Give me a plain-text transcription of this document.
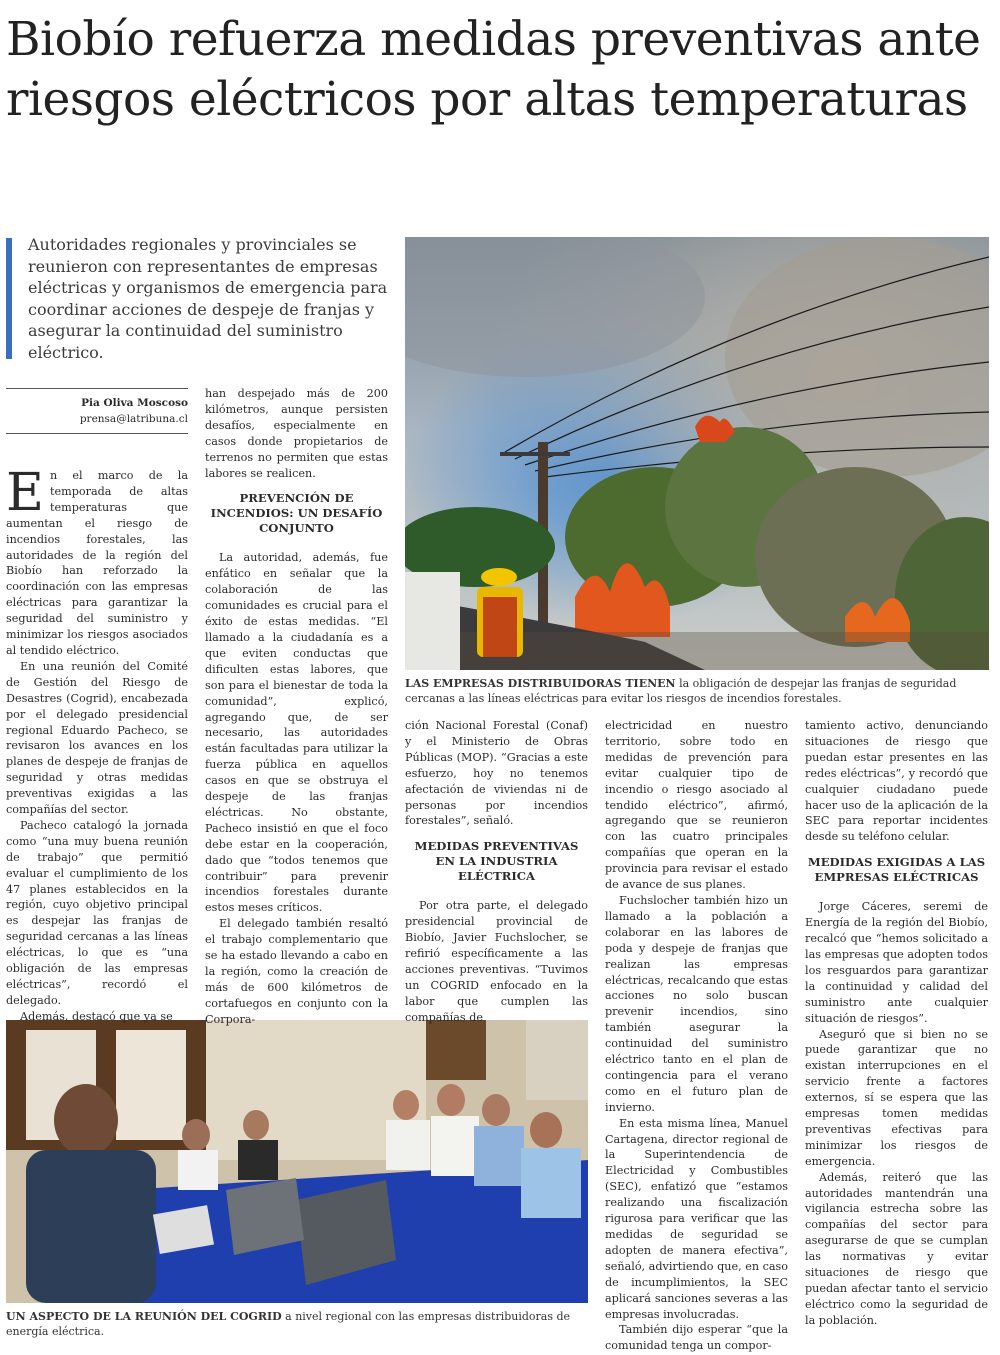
Biobío refuerza medidas preventivas ante riesgos eléctricos por altas temperaturas

Autoridades regionales y provinciales se reunieron con representantes de empresas eléctricas y organismos de emergencia para coordinar acciones de despeje de franjas y asegurar la continuidad del suministro eléctrico.

Pia Oliva Moscoso
prensa@latribuna.cl
LAS EMPRESAS DISTRIBUIDORAS TIENEN la obligación de despejar las franjas de seguridad cercanas a las líneas eléctricas para evitar los riesgos de incendios forestales.
UN ASPECTO DE LA REUNIÓN DEL COGRID a nivel regional con las empresas distribuidoras de energía eléctrica.

En el marco de la temporada de altas temperaturas que aumentan el riesgo de incendios forestales, las autoridades de la región del Biobío han reforzado la coordinación con las empresas eléctricas para garantizar la seguridad del suministro y minimizar los riesgos asociados al tendido eléctrico.

En una reunión del Comité de Gestión del Riesgo de Desastres (Cogrid), encabezada por el delegado presidencial regional Eduardo Pacheco, se revisaron los avances en los planes de despeje de franjas de seguridad y otras medidas preventivas exigidas a las compañías del sector.

Pacheco catalogó la jornada como “una muy buena reunión de trabajo” que permitió evaluar el cumplimiento de los 47 planes establecidos en la región, cuyo objetivo principal es despejar las franjas de seguridad cercanas a las líneas eléctricas, lo que es “una obligación de las empresas eléctricas”, recordó el delegado.

Además, destacó que ya se

han despejado más de 200 kilómetros, aunque persisten desafíos, especialmente en casos donde propietarios de terrenos no permiten que estas labores se realicen.

PREVENCIÓN DE INCENDIOS: UN DESAFÍO CONJUNTO

La autoridad, además, fue enfático en señalar que la colaboración de las comunidades es crucial para el éxito de estas medidas. “El llamado a la ciudadanía es a que eviten conductas que dificulten estas labores, que son para el bienestar de toda la comunidad”, explicó, agregando que, de ser necesario, las autoridades están facultadas para utilizar la fuerza pública en aquellos casos en que se obstruya el despeje de las franjas eléctricas. No obstante, Pacheco insistió en que el foco debe estar en la cooperación, dado que “todos tenemos que contribuir” para prevenir incendios forestales durante estos meses críticos.

El delegado también resaltó el trabajo complementario que se ha estado llevando a cabo en la región, como la creación de más de 600 kilómetros de cortafuegos en conjunto con la Corpora-

ción Nacional Forestal (Conaf) y el Ministerio de Obras Públicas (MOP). “Gracias a este esfuerzo, hoy no tenemos afectación de viviendas ni de personas por incendios forestales”, señaló.

MEDIDAS PREVENTIVAS EN LA INDUSTRIA ELÉCTRICA

Por otra parte, el delegado presidencial provincial de Biobío, Javier Fuchslocher, se refirió específicamente a las acciones preventivas. “Tuvimos un COGRID enfocado en la labor que cumplen las compañías de

electricidad en nuestro territorio, sobre todo en medidas de prevención para evitar cualquier tipo de incendio o riesgo asociado al tendido eléctrico”, afirmó, agregando que se reunieron con las cuatro principales compañías que operan en la provincia para revisar el estado de avance de sus planes.

Fuchslocher también hizo un llamado a la población a colaborar en las labores de poda y despeje de franjas que realizan las empresas eléctricas, recalcando que estas acciones no solo buscan prevenir incendios, sino también asegurar la continuidad del suministro eléctrico tanto en el plan de contingencia para el verano como en el futuro plan de invierno.

En esta misma línea, Manuel Cartagena, director regional de la Superintendencia de Electricidad y Combustibles (SEC), enfatizó que “estamos realizando una fiscalización rigurosa para verificar que las medidas de seguridad se adopten de manera efectiva”, señaló, advirtiendo que, en caso de incumplimientos, la SEC aplicará sanciones severas a las empresas involucradas.

También dijo esperar “que la comunidad tenga un compor-

tamiento activo, denunciando situaciones de riesgo que puedan estar presentes en las redes eléctricas”, y recordó que cualquier ciudadano puede hacer uso de la aplicación de la SEC para reportar incidentes desde su teléfono celular.

MEDIDAS EXIGIDAS A LAS EMPRESAS ELÉCTRICAS

Jorge Cáceres, seremi de Energía de la región del Biobío, recalcó que “hemos solicitado a las empresas que adopten todos los resguardos para garantizar la continuidad y calidad del suministro ante cualquier situación de riesgos”.

Aseguró que si bien no se puede garantizar que no existan interrupciones en el servicio frente a factores externos, sí se espera que las empresas tomen medidas preventivas efectivas para minimizar los riesgos de emergencia.

Además, reiteró que las autoridades mantendrán una vigilancia estrecha sobre las compañías del sector para asegurarse de que se cumplan las normativas y evitar situaciones de riesgo que puedan afectar tanto el servicio eléctrico como la seguridad de la población.
